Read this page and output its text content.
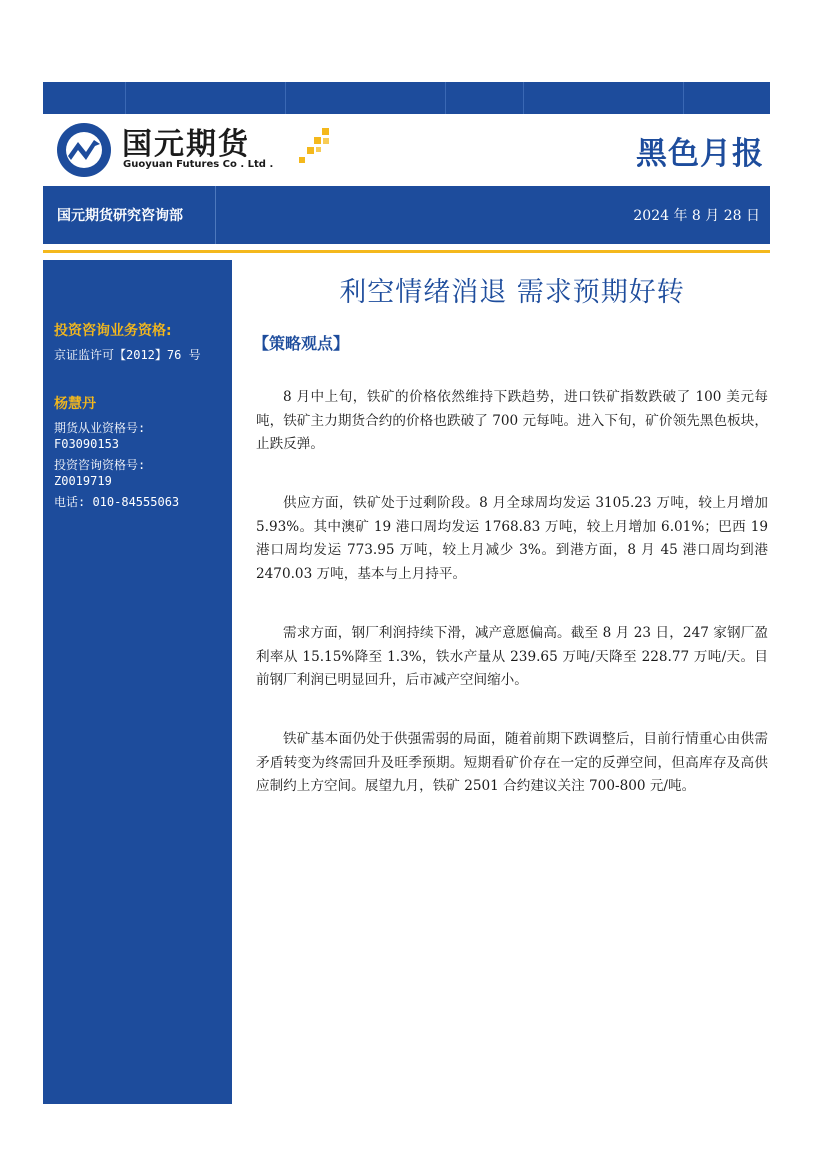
国元期货
Guoyuan Futures Co . Ltd .	黑色月报
国元期货研究咨询部	2024 年 8 月 28 日
投资咨询业务资格:
京证监许可【2012】76 号
杨慧丹
期货从业资格号:
F03090153
投资咨询资格号:
Z0019719
电话: 010-84555063
利空情绪消退 需求预期好转
【策略观点】

8 月中上旬，铁矿的价格依然维持下跌趋势，进口铁矿指数跌破了 100 美元每吨，铁矿主力期货合约的价格也跌破了 700 元每吨。进入下旬，矿价领先黑色板块，止跌反弹。

供应方面，铁矿处于过剩阶段。8 月全球周均发运 3105.23 万吨，较上月增加 5.93%。其中澳矿 19 港口周均发运 1768.83 万吨，较上月增加 6.01%；巴西 19 港口周均发运 773.95 万吨，较上月减少 3%。到港方面，8 月 45 港口周均到港 2470.03 万吨，基本与上月持平。

需求方面，钢厂利润持续下滑，减产意愿偏高。截至 8 月 23 日，247 家钢厂盈利率从 15.15%降至 1.3%，铁水产量从 239.65 万吨/天降至 228.77 万吨/天。目前钢厂利润已明显回升，后市减产空间缩小。

铁矿基本面仍处于供强需弱的局面，随着前期下跌调整后，目前行情重心由供需矛盾转变为终需回升及旺季预期。短期看矿价存在一定的反弹空间，但高库存及高供应制约上方空间。展望九月，铁矿 2501 合约建议关注 700-800 元/吨。
